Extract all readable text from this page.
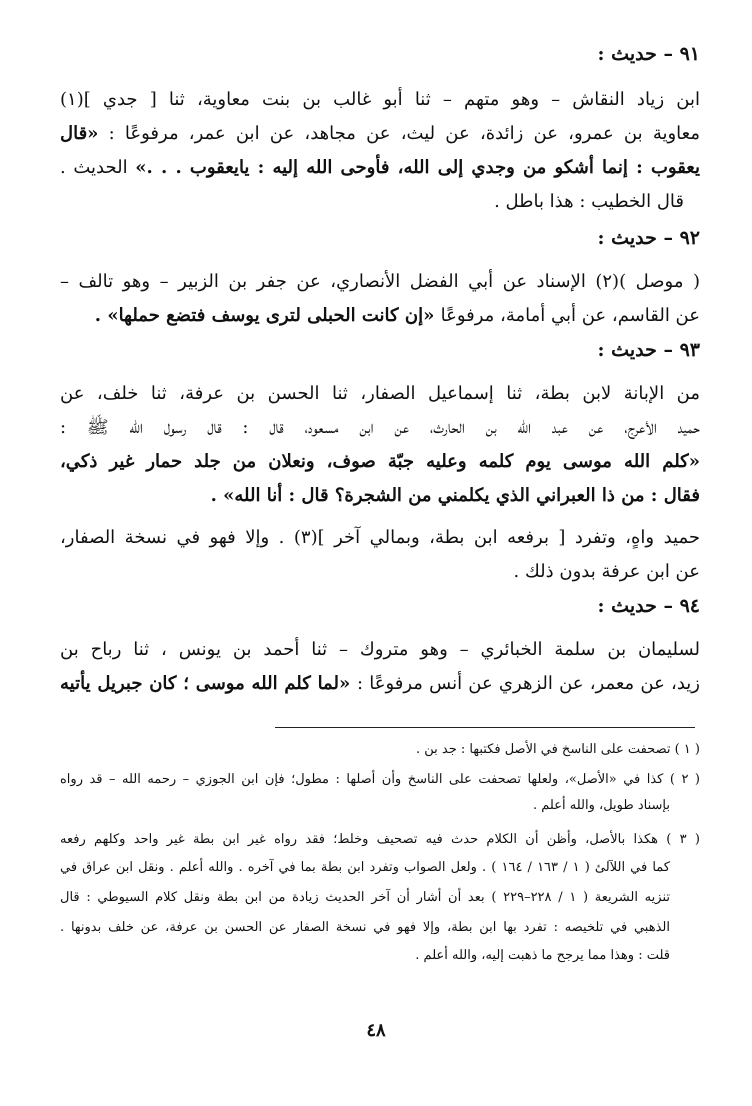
٩١ – حديث :
ابن زياد النقاش – وهو متهم – ثنا أبو غالب بن بنت معاوية، ثنا [ جدي ](١)
معاوية بن عمرو، عن زائدة، عن ليث، عن مجاهد، عن ابن عمر، مرفوعًا : «قال
يعقوب : إنما أشكو من وجدي إلى الله، فأوحى الله إليه : يايعقوب . . .» الحديث .
قال الخطيب : هذا باطل .
٩٢ – حديث :
( موصل )(٢) الإسناد عن أبي الفضل الأنصاري، عن جفر بن الزبير – وهو تالف –
عن القاسم، عن أبي أمامة، مرفوعًا «إن كانت الحبلى لترى يوسف فتضع حملها» .
٩٣ – حديث :
من الإبانة لابن بطة، ثنا إسماعيل الصفار، ثنا الحسن بن عرفة، ثنا خلف، عن
حميد الأعرج، عن عبد الله بن الحارث، عن ابن مسعود، قال : قال رسول الله ﷺ :
«كلم الله موسى يوم كلمه وعليه جبّة صوف، ونعلان من جلد حمار غير ذكي،
فقال : من ذا العبراني الذي يكلمني من الشجرة؟ قال : أنا الله» .
حميد واهٍ، وتفرد [ برفعه ابن بطة، وبمالي آخر ](٣) . وإلا فهو في نسخة الصفار،
عن ابن عرفة بدون ذلك .
٩٤ – حديث :
لسليمان بن سلمة الخبائري – وهو متروك – ثنا أحمد بن يونس ، ثنا رباح بن
زيد، عن معمر، عن الزهري عن أنس مرفوعًا : «لما كلم الله موسى ؛ كان جبريل يأتيه
( ١ ) تصحفت على الناسخ في الأصل فكتبها : جد بن .
( ٢ ) كذا في «الأصل»، ولعلها تصحفت على الناسخ وأن أصلها : مطول؛ فإن ابن الجوزي – رحمه الله – قد رواه
بإسناد طويل، والله أعلم .
( ٣ ) هكذا بالأصل، وأظن أن الكلام حدث فيه تصحيف وخلط؛ فقد رواه غير ابن بطة غير واحد وكلهم رفعه
كما في اللآلئ ( ١ / ١٦٣ / ١٦٤ ) . ولعل الصواب وتفرد ابن بطة بما في آخره . والله أعلم . ونقل ابن عراق في
تنزيه الشريعة ( ١ / ٢٢٨–٢٢٩ ) بعد أن أشار أن آخر الحديث زيادة من ابن بطة ونقل كلام السيوطي : قال
الذهبي في تلخيصه : تفرد بها ابن بطة، وإلا فهو في نسخة الصفار عن الحسن بن عرفة، عن خلف بدونها .
قلت : وهذا مما يرجح ما ذهبت إليه، والله أعلم .
٤٨
